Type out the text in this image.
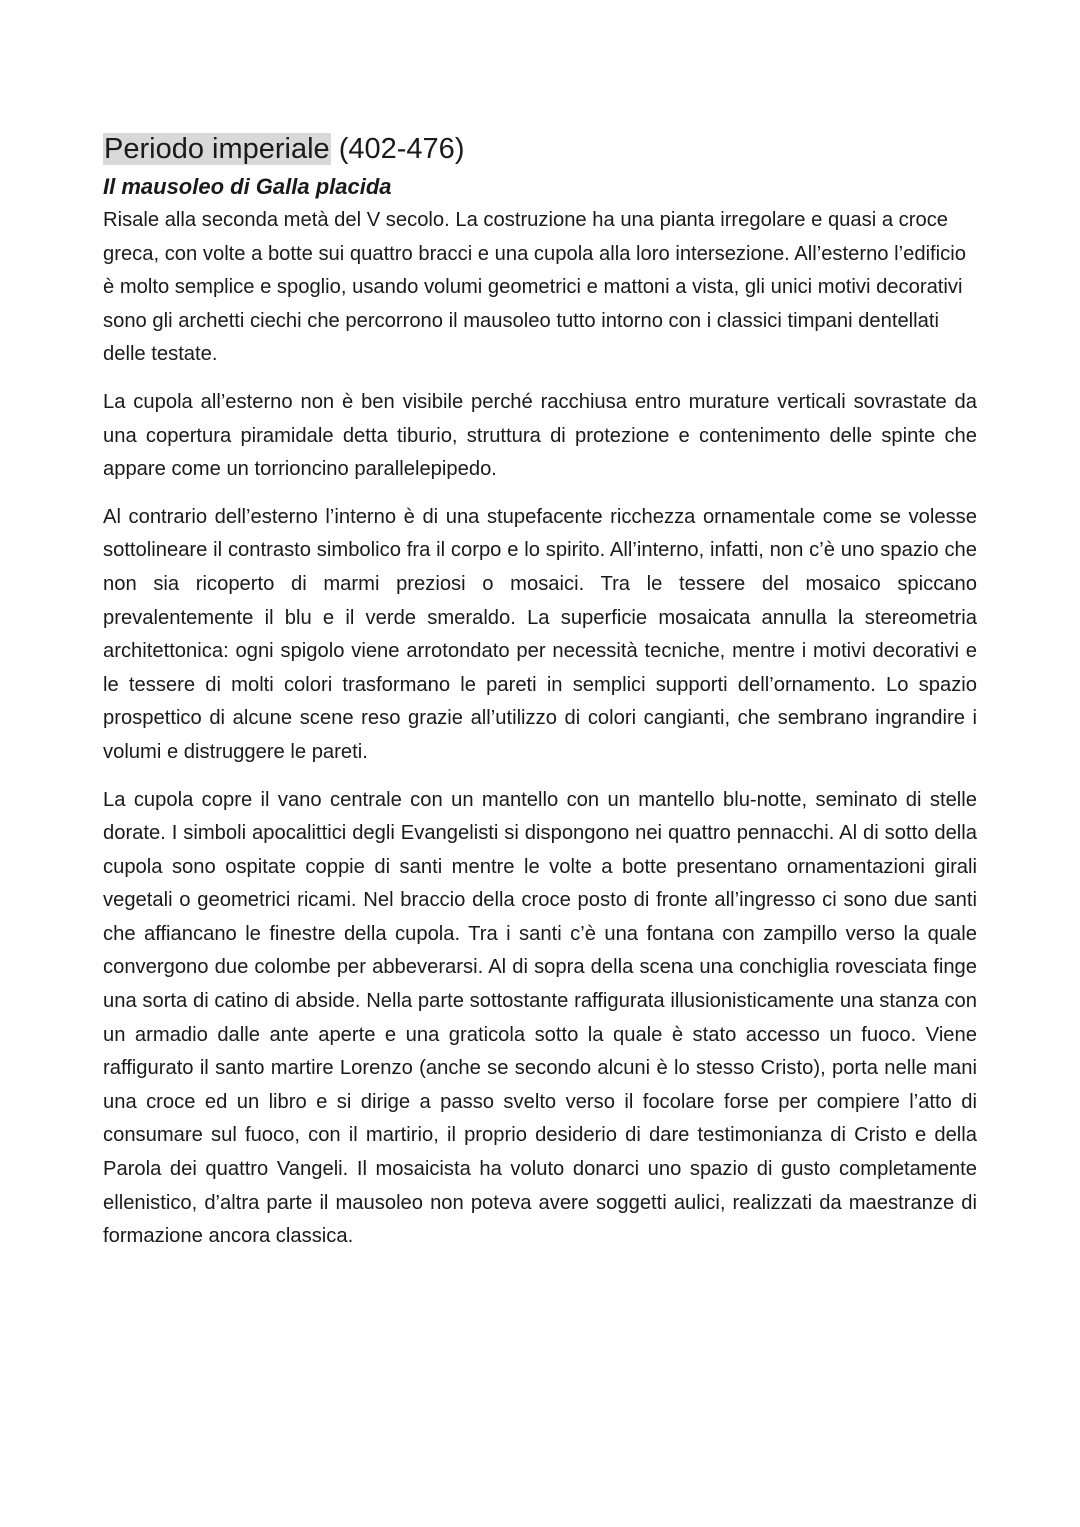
Periodo imperiale (402-476)
Il mausoleo di Galla placida

Risale alla seconda metà del V secolo. La costruzione ha una pianta irregolare e quasi a croce greca, con volte a botte sui quattro bracci e una cupola alla loro intersezione. All’esterno l’edificio è molto semplice e spoglio, usando volumi geometrici e mattoni a vista, gli unici motivi decorativi sono gli archetti ciechi che percorrono il mausoleo tutto intorno con i classici timpani dentellati delle testate.

La cupola all’esterno non è ben visibile perché racchiusa entro murature verticali sovrastate da una copertura piramidale detta tiburio, struttura di protezione e contenimento delle spinte che appare come un torrioncino parallelepipedo.

Al contrario dell’esterno l’interno è di una stupefacente ricchezza ornamentale come se volesse sottolineare il contrasto simbolico fra il corpo e lo spirito. All’interno, infatti, non c’è uno spazio che non sia ricoperto di marmi preziosi o mosaici. Tra le tessere del mosaico spiccano prevalentemente il blu e il verde smeraldo. La superficie mosaicata annulla la stereometria architettonica: ogni spigolo viene arrotondato per necessità tecniche, mentre i motivi decorativi e le tessere di molti colori trasformano le pareti in semplici supporti dell’ornamento. Lo spazio prospettico di alcune scene reso grazie all’utilizzo di colori cangianti, che sembrano ingrandire i volumi e distruggere le pareti.

La cupola copre il vano centrale con un mantello con un mantello blu-notte, seminato di stelle dorate. I simboli apocalittici degli Evangelisti si dispongono nei quattro pennacchi. Al di sotto della cupola sono ospitate coppie di santi mentre le volte a botte presentano ornamentazioni girali vegetali o geometrici ricami. Nel braccio della croce posto di fronte all’ingresso ci sono due santi che affiancano le finestre della cupola. Tra i santi c’è una fontana con zampillo verso la quale convergono due colombe per abbeverarsi. Al di sopra della scena una conchiglia rovesciata finge una sorta di catino di abside. Nella parte sottostante raffigurata illusionisticamente una stanza con un armadio dalle ante aperte e una graticola sotto la quale è stato accesso un fuoco. Viene raffigurato il santo martire Lorenzo (anche se secondo alcuni è lo stesso Cristo), porta nelle mani una croce ed un libro e si dirige a passo svelto verso il focolare forse per compiere l’atto di consumare sul fuoco, con il martirio, il proprio desiderio di dare testimonianza di Cristo e della Parola dei quattro Vangeli. Il mosaicista ha voluto donarci uno spazio di gusto completamente ellenistico, d’altra parte il mausoleo non poteva avere soggetti aulici, realizzati da maestranze di formazione ancora classica.
